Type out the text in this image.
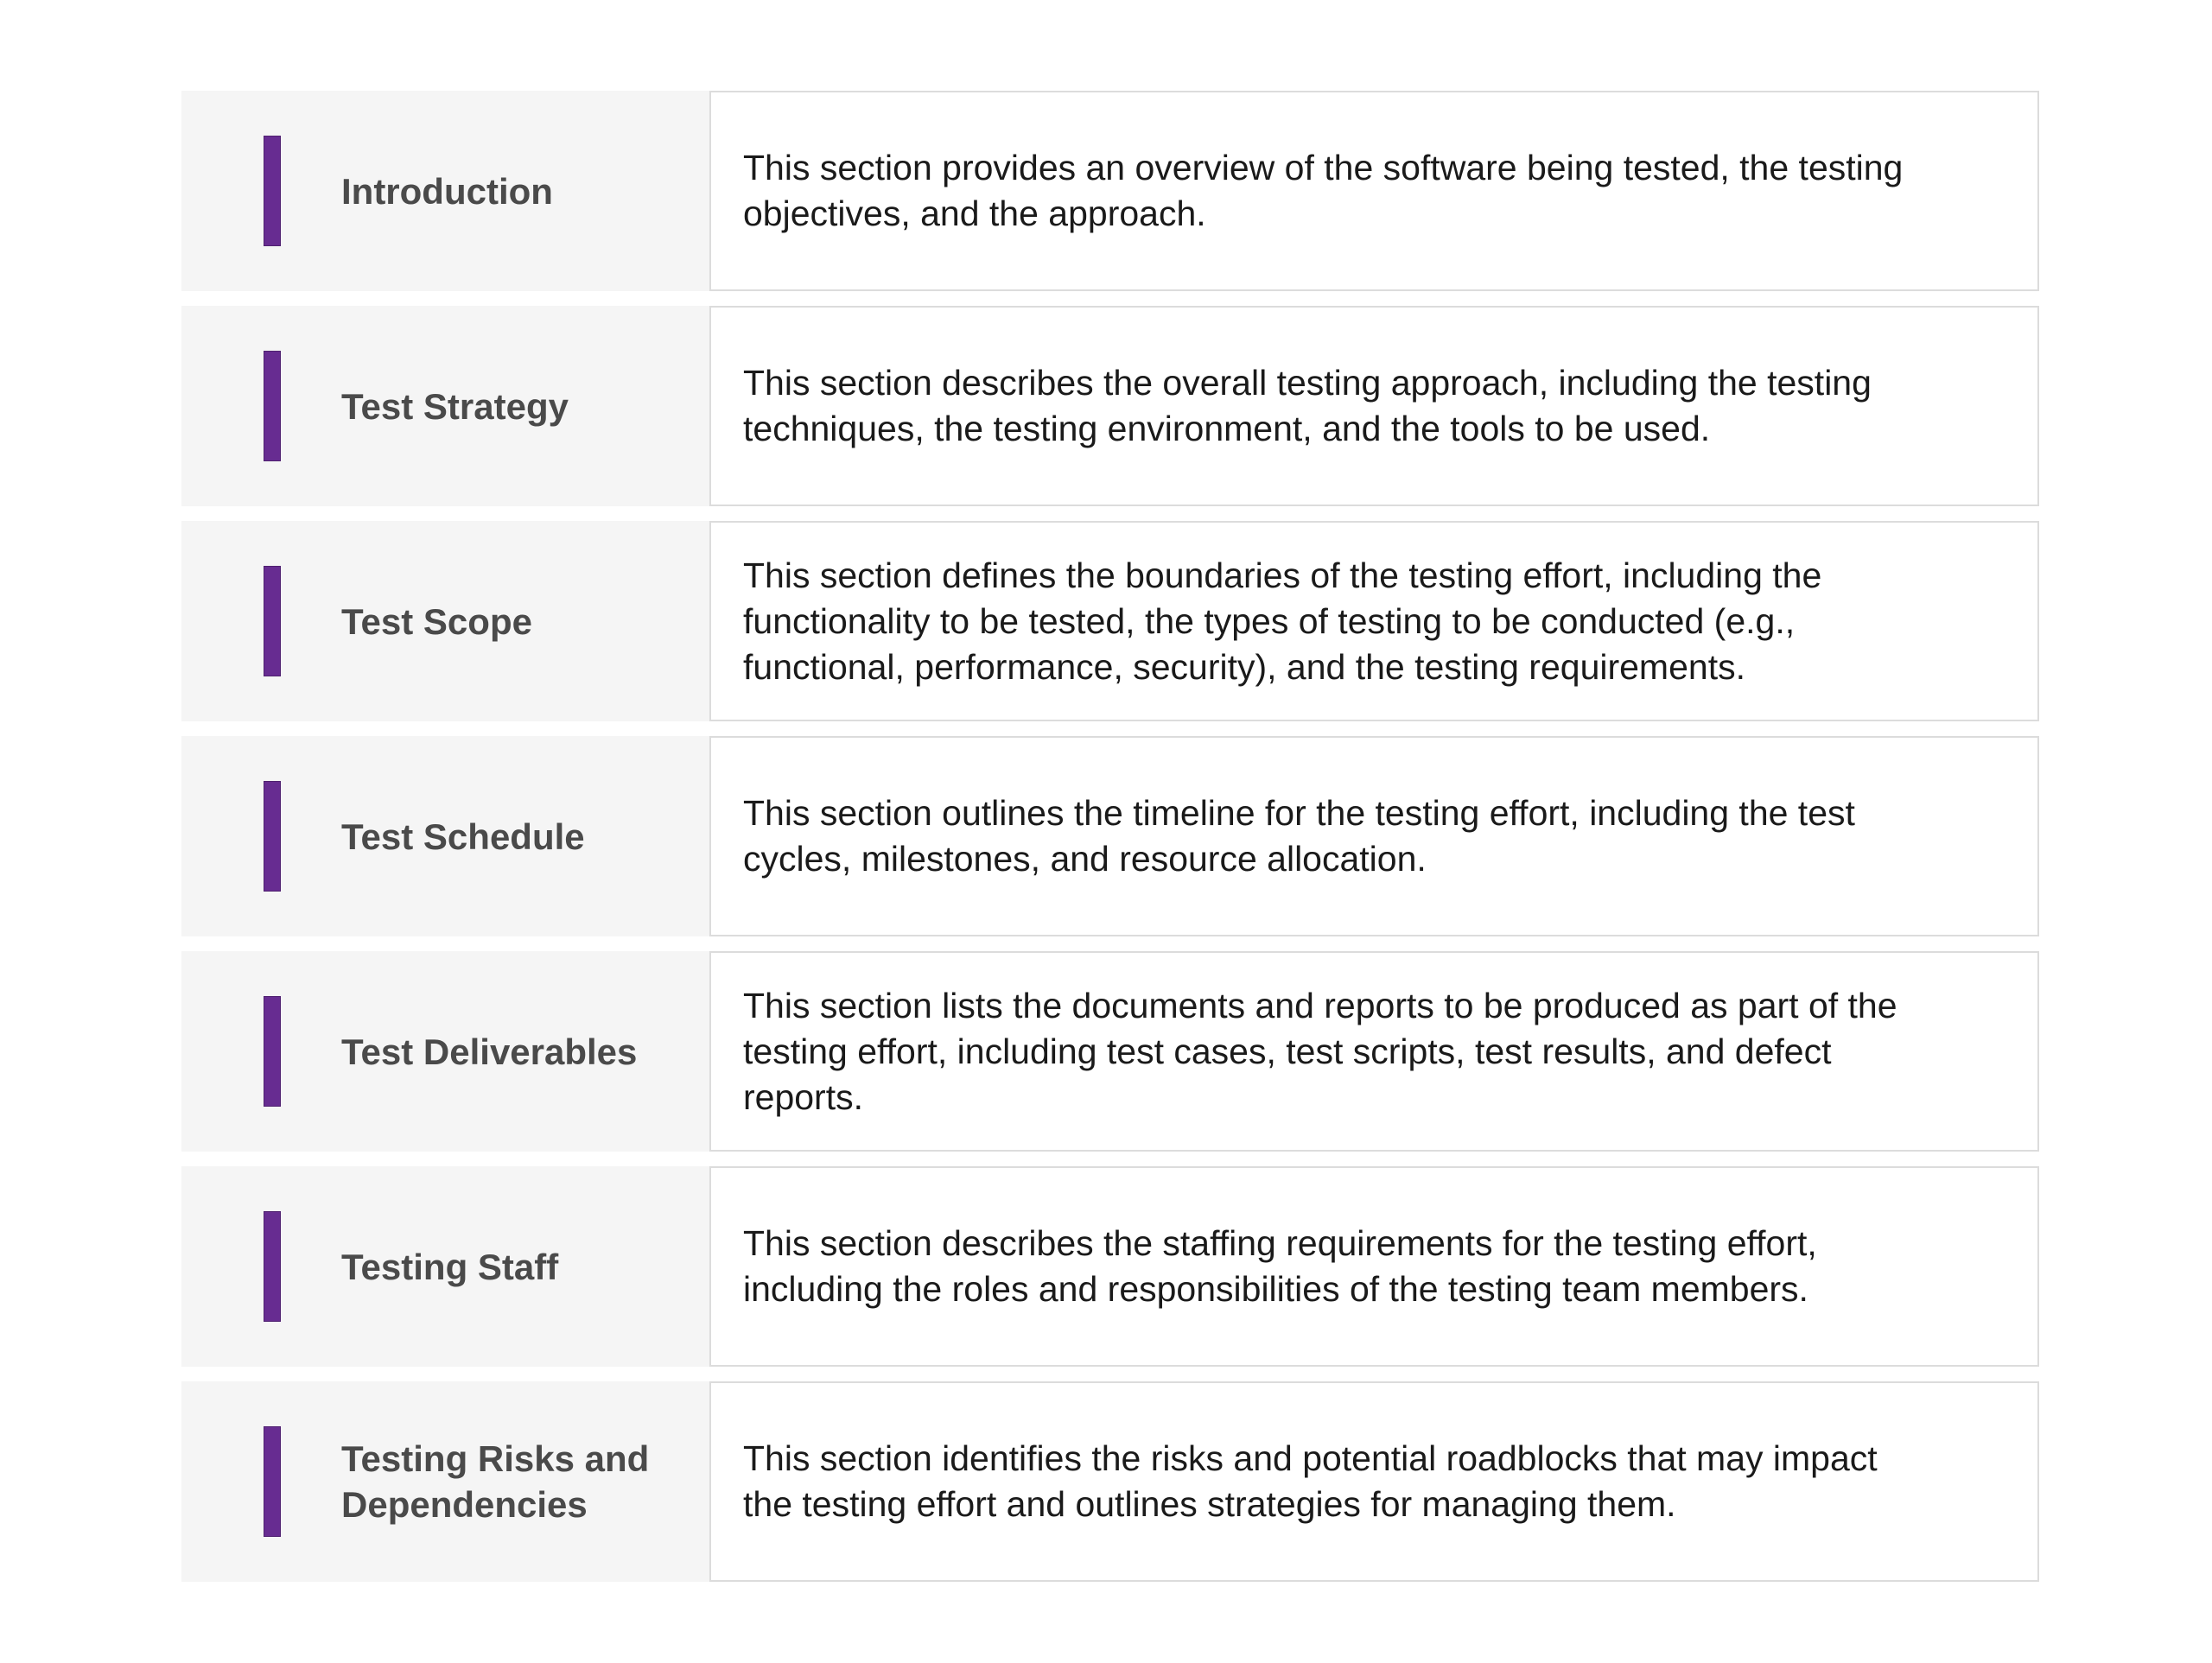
Introduction
This section provides an overview of the software being tested, the testing objectives, and the approach.
Test Strategy
This section describes the overall testing approach, including the testing techniques, the testing environment, and the tools to be used.
Test Scope
This section defines the boundaries of the testing effort, including the functionality to be tested, the types of testing to be conducted (e.g., functional, performance, security), and the testing requirements.
Test Schedule
This section outlines the timeline for the testing effort, including the test cycles, milestones, and resource allocation.
Test Deliverables
This section lists the documents and reports to be produced as part of the testing effort, including test cases, test scripts, test results, and defect reports.
Testing Staff
This section describes the staffing requirements for the testing effort, including the roles and responsibilities of the testing team members.
Testing Risks and Dependencies
This section identifies the risks and potential roadblocks that may impact the testing effort and outlines strategies for managing them.
